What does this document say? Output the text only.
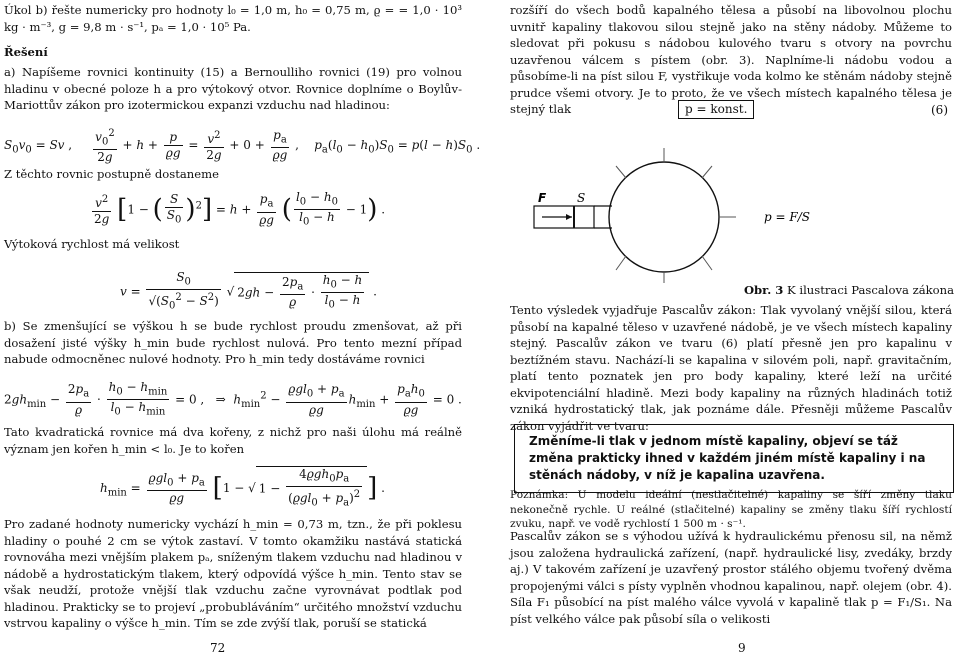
Úkol b) řešte numericky pro hodnoty l₀ = 1,0 m, h₀ = 0,75 m, ϱ = = 1,0 · 10³ kg · m⁻³, g = 9,8 m · s⁻¹, pₐ = 1,0 · 10⁵ Pa.

Řešení

a) Napíšeme rovnici kontinuity (15) a Bernoulliho rovnici (19) pro volnou hladinu v obecné poloze h a pro výtokový otvor. Rovnice doplníme o Boylův-Mariottův zákon pro izotermickou expanzi vzduchu nad hladinou:

$S_0v_0 = Sv$ , $\frac{v_0^2}{2g} + h + \frac{p}{ϱg} = \frac{v^2}{2g} + 0 + \frac{p_a}{ϱg}$ ,    $p_a(l_0 - h_0)S_0 = p(l - h)S_0$ .
Z těchto rovnic postupně dostaneme
$\frac{v^2}{2g} [1$ − ( $\frac{S}{S_0} )^2] = h + \frac{p_a}{ϱg}$ ( $\frac{l_0 - h_0}{l_0 - h} - 1$) .
Výtoková rychlost má velikost
$v = \frac{S_0}{√(S_0^2 - S^2)}$ √ $2gh - \frac{2p_a}{ϱ} \cdot \frac{h_0 - h}{l_0 - h}$ .

b) Se zmenšující se výškou h se bude rychlost proudu zmenšovat, až při dosažení jisté výšky h_min bude rychlost nulová. Pro tento mezní případ nabude odmocněnec nulové hodnoty. Pro h_min tedy dostáváme rovnici

$2gh_{min} - \frac{2p_a}{ϱ} \cdot \frac{h_0 - h_{min}}{l_0 - h_{min}} = 0$ ,   ⇒  $h_{min}^2 - \frac{ϱgl_0 + p_a}{ϱg} h_{min} + \frac{p_ah_0}{ϱg} = 0$ .

Tato kvadratická rovnice má dva kořeny, z nichž pro naši úlohu má reálně význam jen kořen h_min < l₀. Je to kořen

$h_{min} = \frac{ϱgl_0 + p_a}{ϱg} [1$ − √ $1 - \frac{4ϱgh_0p_a}{(ϱgl_0 + p_a)^2}$ ] .

Pro zadané hodnoty numericky vychází h_min = 0,73 m, tzn., že při poklesu hladiny o pouhé 2 cm se výtok zastaví. V tomto okamžiku nastává statická rovnováha mezi vnějším plakem pₐ, sníženým tlakem vzduchu nad hladinou v nádobě a hydrostatickým tlakem, který odpovídá výšce h_min. Tento stav se však neudží, protože vnější tlak vzduchu začne vyrovnávat podtlak pod hladinou. Prakticky se to projeví „probubláváním“ určitého množství vzduchu vstrvou kapaliny o výšce h_min. Tím se zde zvýší tlak, poruší se statická

72

rozšíří do všech bodů kapalného tělesa a působí na libovolnou plochu uvnitř kapaliny tlakovou silou stejně jako na stěny nádoby. Můžeme to sledovat při pokusu s nádobou kulového tvaru s otvory na povrchu uzavřenou válcem s pístem (obr. 3). Naplníme-li nádobu vodou a působíme-li na píst silou F, vystřikuje voda kolmo ke stěnám nádoby stejně prudce všemi otvory. Je to proto, že ve všech místech kapalného tělesa je stejný tlak	p = konst.	(6)
F	S
p = F/S
Obr. 3 K ilustraci Pascalova zákona

Tento výsledek vyjadřuje Pascalův zákon: Tlak vyvolaný vnější silou, která působí na kapalné těleso v uzavřené nádobě, je ve všech místech kapaliny stejný. Pascalův zákon ve tvaru (6) platí přesně jen pro kapalinu v beztížném stavu. Nachází-li se kapalina v silovém poli, např. gravitačním, platí tento poznatek jen pro body kapaliny, které leží na určité ekvipotenciální hladině. Mezi body kapaliny na různých hladinách totiž vzniká hydrostatický tlak, jak poznáme dále. Přesněji můžeme Pascalův zákon vyjádřit ve tvaru:

Změníme-li tlak v jednom místě kapaliny, objeví se táž změna prakticky ihned v každém jiném místě kapaliny i na stěnách nádoby, v níž je kapalina uzavřena.

Poznámka: U modelu ideální (nestlačitelné) kapaliny se šíří změny tlaku nekonečně rychle. U reálné (stlačitelné) kapaliny se změny tlaku šíří rychlostí zvuku, např. ve vodě rychlostí 1 500 m · s⁻¹.

Pascalův zákon se s výhodou užívá k hydraulickému přenosu sil, na němž jsou založena hydraulická zařízení, (např. hydraulické lisy, zvedáky, brzdy aj.) V takovém zařízení je uzavřený prostor stálého objemu tvořený dvěma propojenými válci s písty vyplněn vhodnou kapalinou, např. olejem (obr. 4). Síla F₁ působící na píst malého válce vyvolá v kapalině tlak p = F₁/S₁. Na píst velkého válce pak působí síla o velikosti

9
